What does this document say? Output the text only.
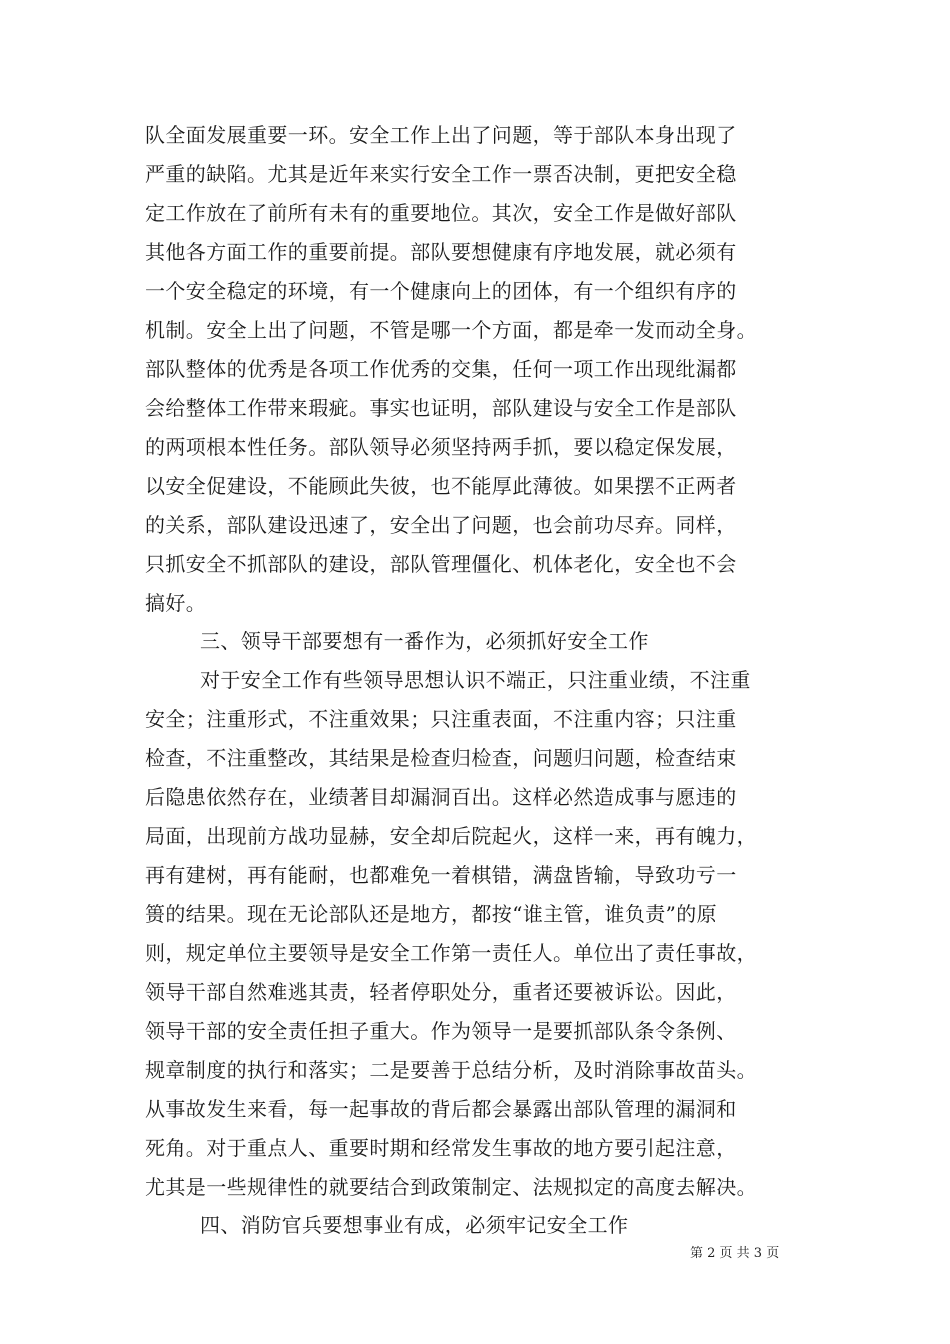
队全面发展重要一环。安全工作上出了问题，等于部队本身出现了
严重的缺陷。尤其是近年来实行安全工作一票否决制，更把安全稳
定工作放在了前所有未有的重要地位。其次，安全工作是做好部队
其他各方面工作的重要前提。部队要想健康有序地发展，就必须有
一个安全稳定的环境，有一个健康向上的团体，有一个组织有序的
机制。安全上出了问题，不管是哪一个方面，都是牵一发而动全身。
部队整体的优秀是各项工作优秀的交集，任何一项工作出现纰漏都
会给整体工作带来瑕疵。事实也证明，部队建设与安全工作是部队
的两项根本性任务。部队领导必须坚持两手抓，要以稳定保发展，
以安全促建设，不能顾此失彼，也不能厚此薄彼。如果摆不正两者
的关系，部队建设迅速了，安全出了问题，也会前功尽弃。同样，
只抓安全不抓部队的建设，部队管理僵化、机体老化，安全也不会
搞好。
三、领导干部要想有一番作为，必须抓好安全工作
对于安全工作有些领导思想认识不端正，只注重业绩，不注重
安全；注重形式，不注重效果；只注重表面，不注重内容；只注重
检查，不注重整改，其结果是检查归检查，问题归问题，检查结束
后隐患依然存在，业绩著目却漏洞百出。这样必然造成事与愿违的
局面，出现前方战功显赫，安全却后院起火，这样一来，再有魄力，
再有建树，再有能耐，也都难免一着棋错，满盘皆输，导致功亏一
篑的结果。现在无论部队还是地方，都按“谁主管，谁负责”的原
则，规定单位主要领导是安全工作第一责任人。单位出了责任事故，
领导干部自然难逃其责，轻者停职处分，重者还要被诉讼。因此，
领导干部的安全责任担子重大。作为领导一是要抓部队条令条例、
规章制度的执行和落实；二是要善于总结分析，及时消除事故苗头。
从事故发生来看，每一起事故的背后都会暴露出部队管理的漏洞和
死角。对于重点人、重要时期和经常发生事故的地方要引起注意，
尤其是一些规律性的就要结合到政策制定、法规拟定的高度去解决。
四、消防官兵要想事业有成，必须牢记安全工作
第 2 页 共 3 页
